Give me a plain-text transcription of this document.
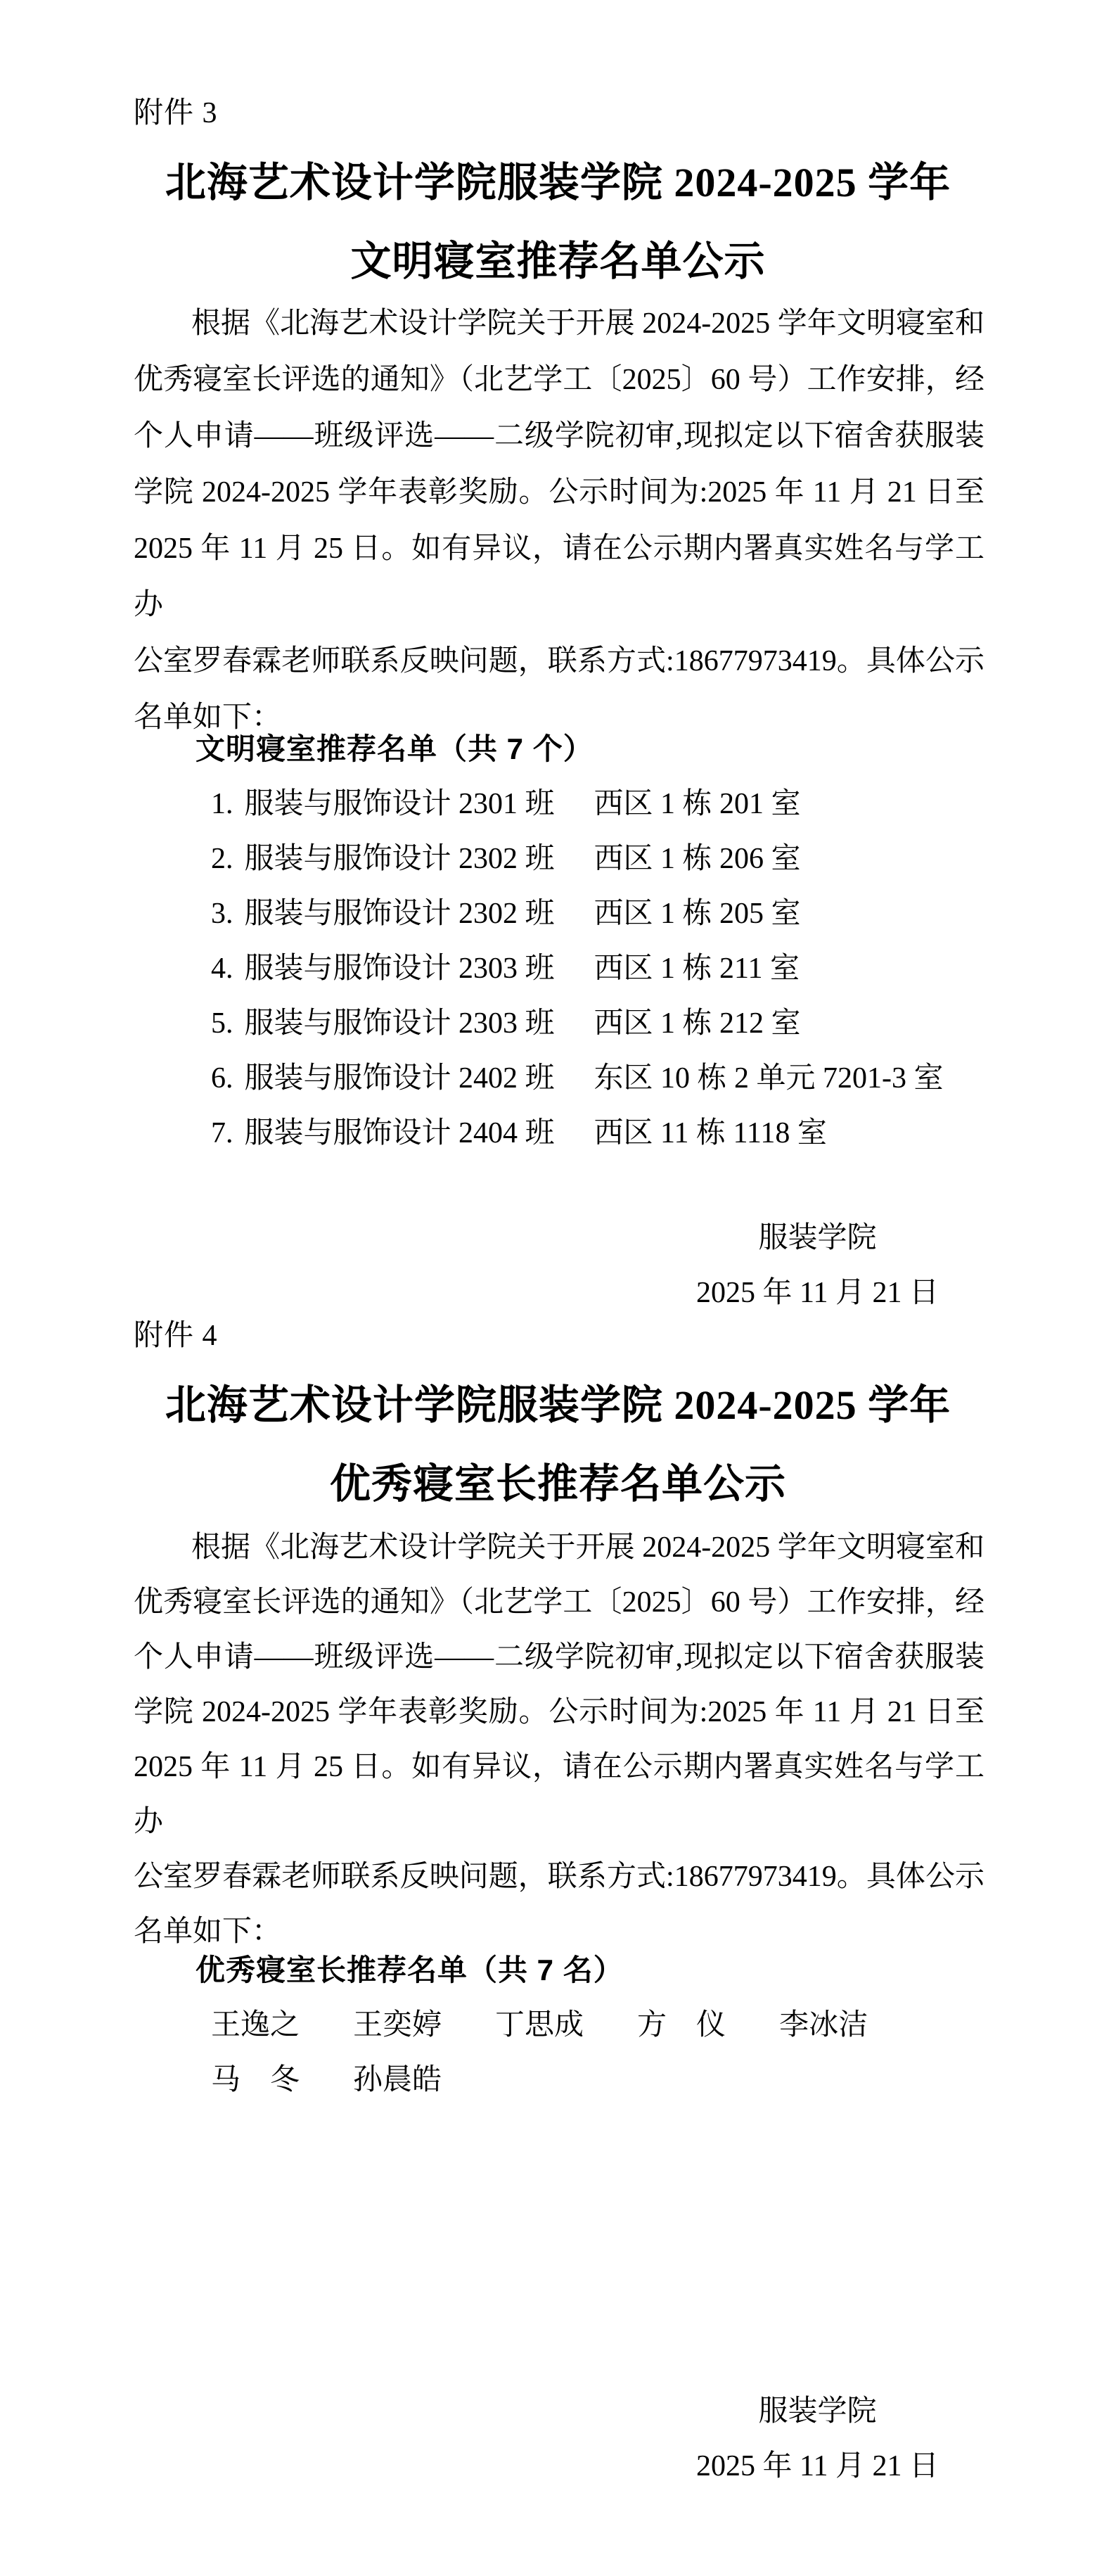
附件 3
北海艺术设计学院服装学院 2024-2025 学年
文明寝室推荐名单公示
根据《北海艺术设计学院关于开展 2024-2025 学年文明寝室和
优秀寝室长评选的通知》（北艺学工〔2025〕60 号）工作安排，经
个人申请——班级评选——二级学院初审,现拟定以下宿舍获服装
学院 2024-2025 学年表彰奖励。公示时间为:2025 年 11 月 21 日至
2025 年 11 月 25 日。如有异议，请在公示期内署真实姓名与学工办
公室罗春霖老师联系反映问题，联系方式:18677973419。具体公示
名单如下：
文明寝室推荐名单（共 7 个）
1. 服装与服饰设计 2301 班 西区 1 栋 201 室
2. 服装与服饰设计 2302 班 西区 1 栋 206 室
3. 服装与服饰设计 2302 班 西区 1 栋 205 室
4. 服装与服饰设计 2303 班 西区 1 栋 211 室
5. 服装与服饰设计 2303 班 西区 1 栋 212 室
6. 服装与服饰设计 2402 班 东区 10 栋 2 单元 7201-3 室
7. 服装与服饰设计 2404 班 西区 11 栋 1118 室
服装学院
2025 年 11 月 21 日
附件 4
北海艺术设计学院服装学院 2024-2025 学年
优秀寝室长推荐名单公示
根据《北海艺术设计学院关于开展 2024-2025 学年文明寝室和
优秀寝室长评选的通知》（北艺学工〔2025〕60 号）工作安排，经
个人申请——班级评选——二级学院初审,现拟定以下宿舍获服装
学院 2024-2025 学年表彰奖励。公示时间为:2025 年 11 月 21 日至
2025 年 11 月 25 日。如有异议，请在公示期内署真实姓名与学工办
公室罗春霖老师联系反映问题，联系方式:18677973419。具体公示
名单如下：
优秀寝室长推荐名单（共 7 名）
王逸之 王奕婷 丁思成 方　仪 李冰洁
马　冬 孙晨皓
服装学院
2025 年 11 月 21 日
